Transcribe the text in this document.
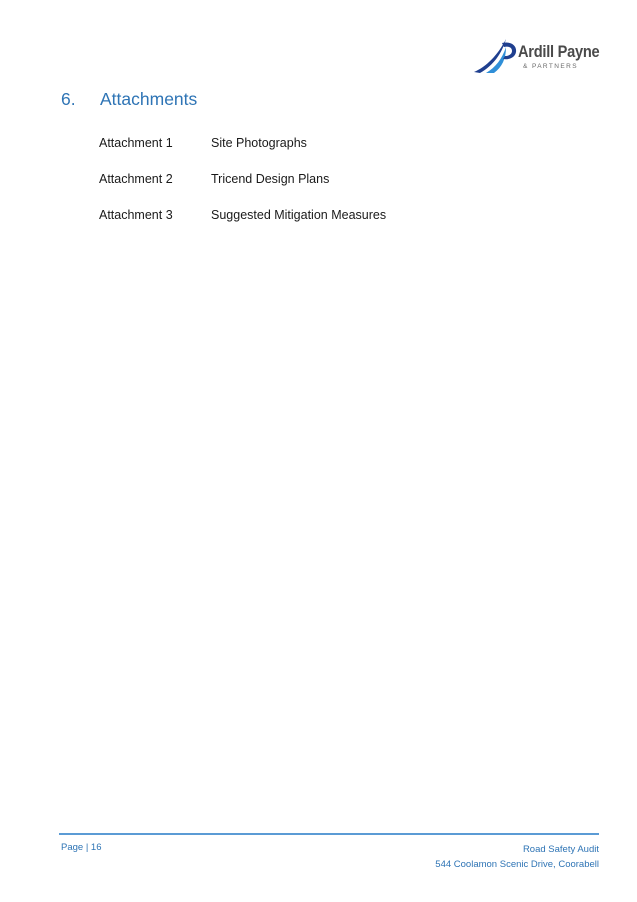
Ardill Payne
& PARTNERS
6. Attachments
Attachment 1	Site Photographs
Attachment 2	Tricend Design Plans
Attachment 3	Suggested Mitigation Measures
Page | 16	Road Safety Audit
544 Coolamon Scenic Drive, Coorabell
